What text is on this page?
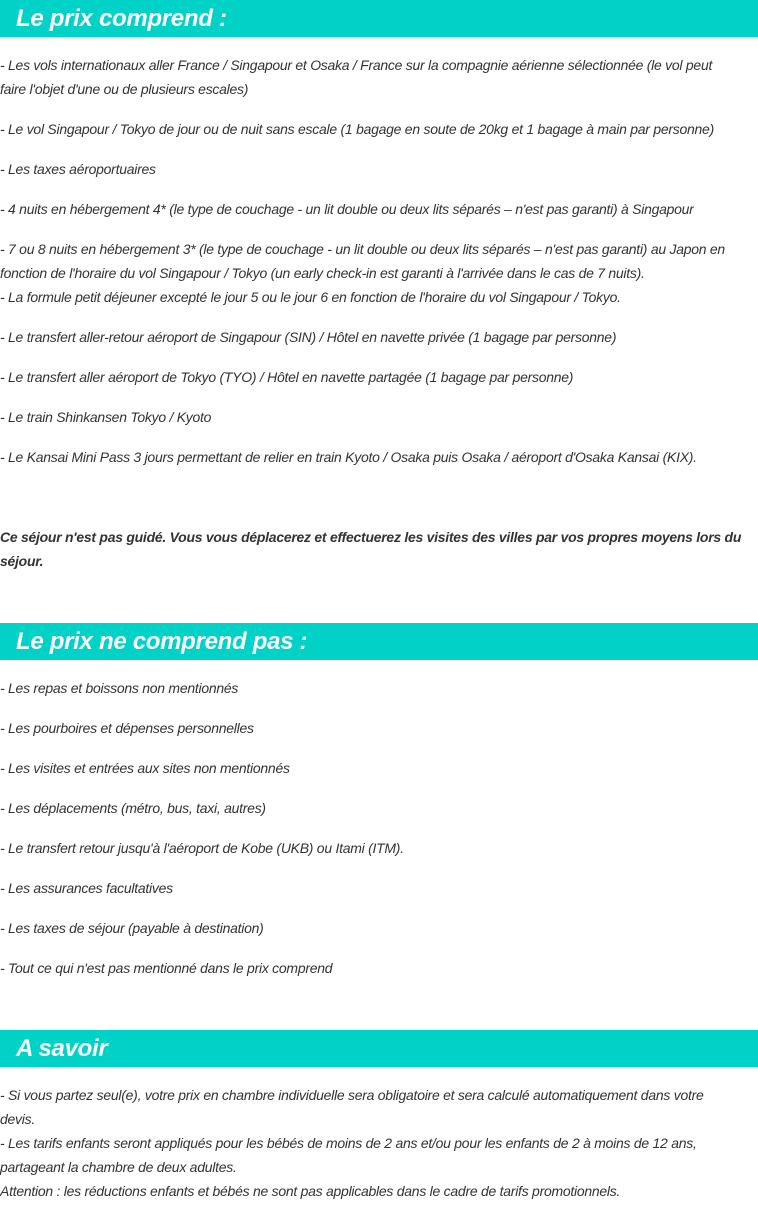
Le prix comprend :
- Les vols internationaux aller France / Singapour et Osaka / France sur la compagnie aérienne sélectionnée (le vol peut
faire l'objet d'une ou de plusieurs escales)
- Le vol Singapour / Tokyo de jour ou de nuit sans escale (1 bagage en soute de 20kg et 1 bagage à main par personne)
- Les taxes aéroportuaires
- 4 nuits en hébergement 4* (le type de couchage - un lit double ou deux lits séparés – n'est pas garanti) à Singapour
- 7 ou 8 nuits en hébergement 3* (le type de couchage - un lit double ou deux lits séparés – n'est pas garanti) au Japon en
fonction de l'horaire du vol Singapour / Tokyo (un early check-in est garanti à l'arrivée dans le cas de 7 nuits).
- La formule petit déjeuner excepté le jour 5 ou le jour 6 en fonction de l'horaire du vol Singapour / Tokyo.
- Le transfert aller-retour aéroport de Singapour (SIN) / Hôtel en navette privée (1 bagage par personne)
- Le transfert aller aéroport de Tokyo (TYO) / Hôtel en navette partagée (1 bagage par personne)
- Le train Shinkansen Tokyo / Kyoto
- Le Kansai Mini Pass 3 jours permettant de relier en train Kyoto / Osaka puis Osaka / aéroport d'Osaka Kansai (KIX).
Ce séjour n'est pas guidé. Vous vous déplacerez et effectuerez les visites des villes par vos propres moyens lors du
séjour.
Le prix ne comprend pas :
- Les repas et boissons non mentionnés
- Les pourboires et dépenses personnelles
- Les visites et entrées aux sites non mentionnés
- Les déplacements (métro, bus, taxi, autres)
- Le transfert retour jusqu'à l'aéroport de Kobe (UKB) ou Itami (ITM).
- Les assurances facultatives
- Les taxes de séjour (payable à destination)
- Tout ce qui n'est pas mentionné dans le prix comprend
A savoir
- Si vous partez seul(e), votre prix en chambre individuelle sera obligatoire et sera calculé automatiquement dans votre
devis.
- Les tarifs enfants seront appliqués pour les bébés de moins de 2 ans et/ou pour les enfants de 2 à moins de 12 ans,
partageant la chambre de deux adultes.
Attention : les réductions enfants et bébés ne sont pas applicables dans le cadre de tarifs promotionnels.
